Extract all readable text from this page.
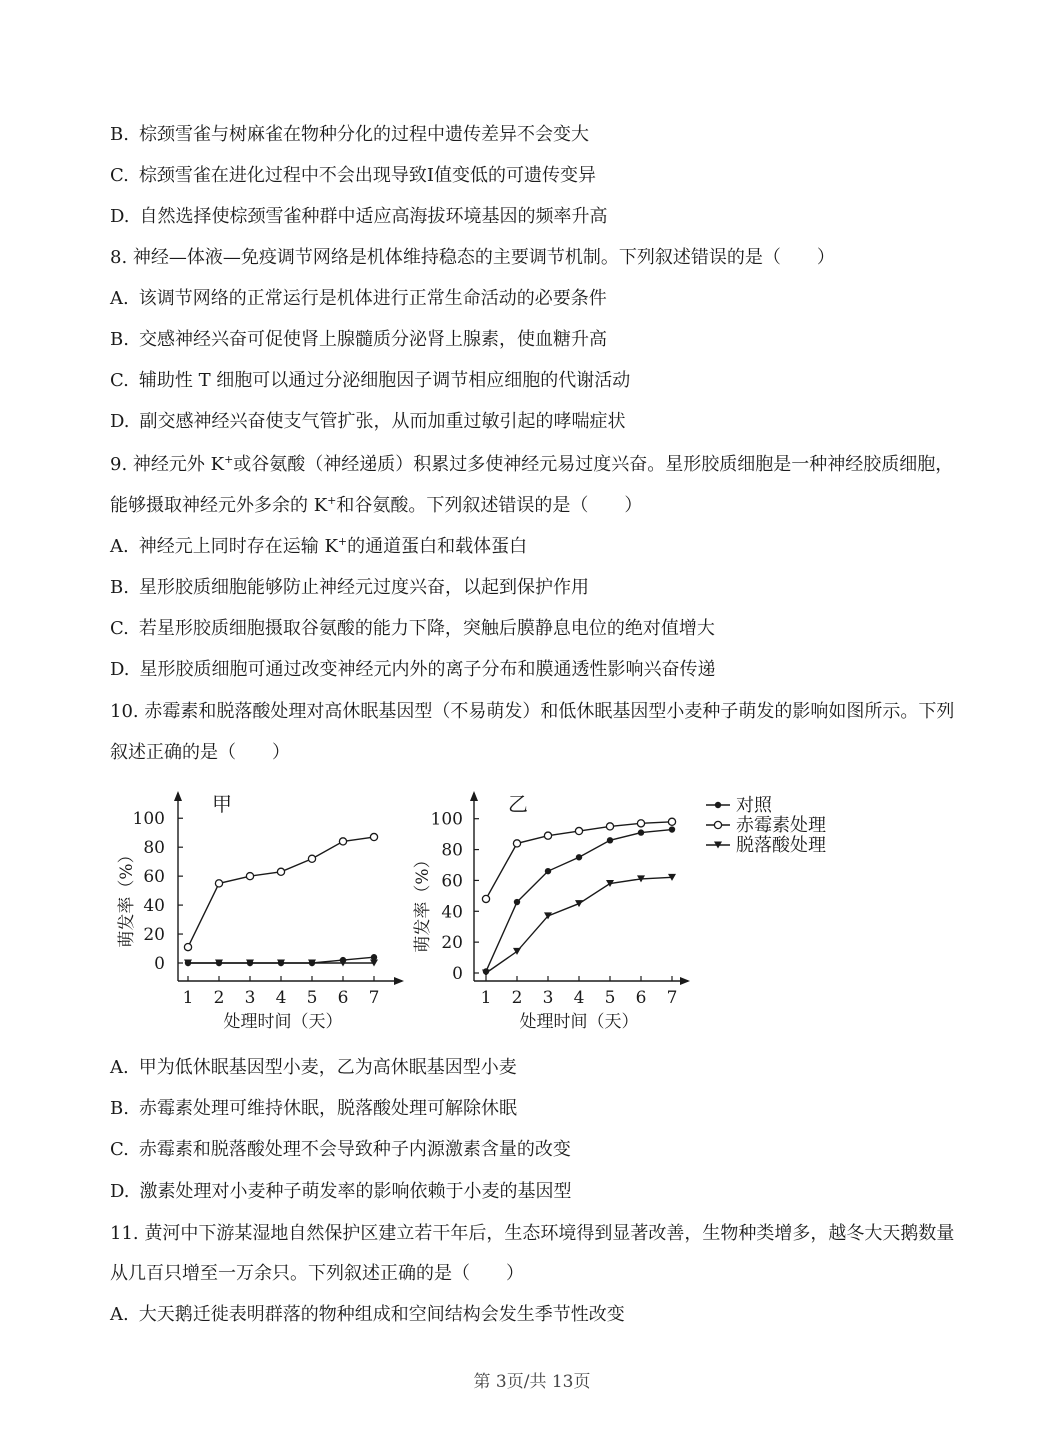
B. 棕颈雪雀与树麻雀在物种分化的过程中遗传差异不会变大
C. 棕颈雪雀在进化过程中不会出现导致I值变低的可遗传变异
D. 自然选择使棕颈雪雀种群中适应高海拔环境基因的频率升高
8. 神经—体液—免疫调节网络是机体维持稳态的主要调节机制。下列叙述错误的是（　　）
A. 该调节网络的正常运行是机体进行正常生命活动的必要条件
B. 交感神经兴奋可促使肾上腺髓质分泌肾上腺素，使血糖升高
C. 辅助性 T 细胞可以通过分泌细胞因子调节相应细胞的代谢活动
D. 副交感神经兴奋使支气管扩张，从而加重过敏引起的哮喘症状
9. 神经元外 K+或谷氨酸（神经递质）积累过多使神经元易过度兴奋。星形胶质细胞是一种神经胶质细胞，
能够摄取神经元外多余的 K+和谷氨酸。下列叙述错误的是（　　）
A. 神经元上同时存在运输 K+的通道蛋白和载体蛋白
B. 星形胶质细胞能够防止神经元过度兴奋，以起到保护作用
C. 若星形胶质细胞摄取谷氨酸的能力下降，突触后膜静息电位的绝对值增大
D. 星形胶质细胞可通过改变神经元内外的离子分布和膜通透性影响兴奋传递
10. 赤霉素和脱落酸处理对高休眠基因型（不易萌发）和低休眠基因型小麦种子萌发的影响如图所示。下列
叙述正确的是（　　）
甲
0
20
40
60
80
100
1 2 3 4 5 6 7
处理时间（天）
萌发率（%）
乙
0
20
40
60
80
100
1 2 3 4 5 6 7
处理时间（天）
萌发率（%）
对照
赤霉素处理
脱落酸处理
A. 甲为低休眠基因型小麦，乙为高休眠基因型小麦
B. 赤霉素处理可维持休眠，脱落酸处理可解除休眠
C. 赤霉素和脱落酸处理不会导致种子内源激素含量的改变
D. 激素处理对小麦种子萌发率的影响依赖于小麦的基因型
11. 黄河中下游某湿地自然保护区建立若干年后，生态环境得到显著改善，生物种类增多，越冬大天鹅数量
从几百只增至一万余只。下列叙述正确的是（　　）
A. 大天鹅迁徙表明群落的物种组成和空间结构会发生季节性改变
第 3页/共 13页
